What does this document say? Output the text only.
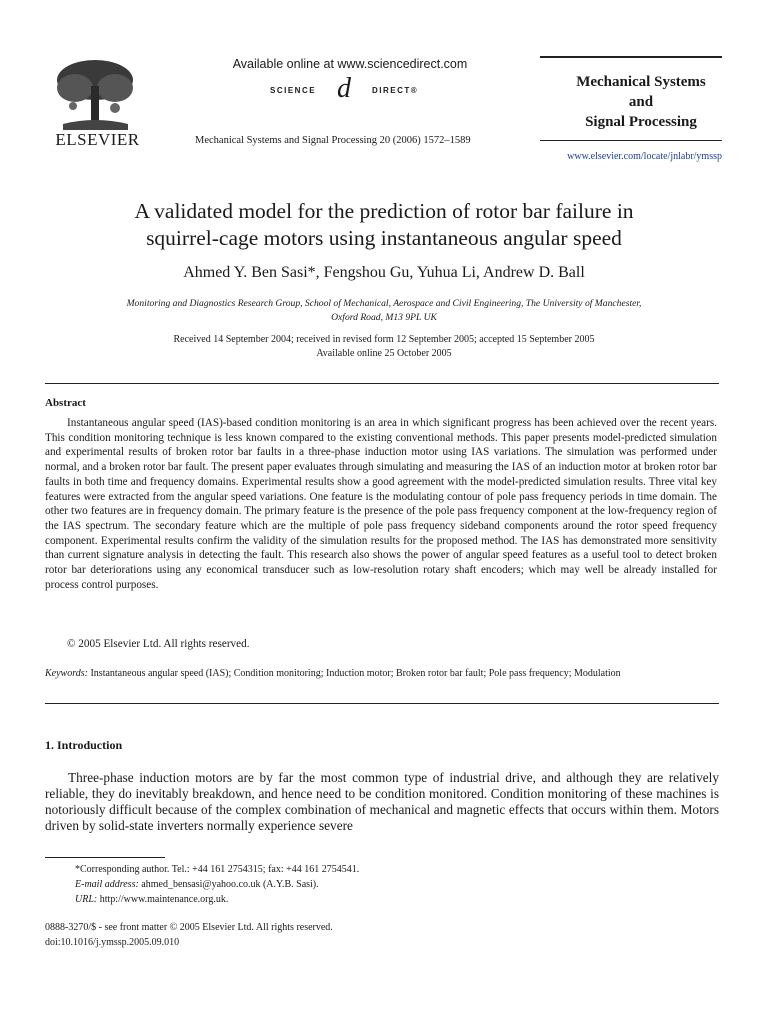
ELSEVIER
Available online at www.sciencedirect.com
SCIENCE d	DIRECT®
Mechanical Systems and Signal Processing 20 (2006) 1572–1589
Mechanical Systems
and
Signal Processing
www.elsevier.com/locate/jnlabr/ymssp
A validated model for the prediction of rotor bar failure in
squirrel-cage motors using instantaneous angular speed
Ahmed Y. Ben Sasi*, Fengshou Gu, Yuhua Li, Andrew D. Ball
Monitoring and Diagnostics Research Group, School of Mechanical, Aerospace and Civil Engineering, The University of Manchester,
Oxford Road, M13 9PL UK
Received 14 September 2004; received in revised form 12 September 2005; accepted 15 September 2005
Available online 25 October 2005
Abstract
Instantaneous angular speed (IAS)-based condition monitoring is an area in which significant progress has been achieved over the recent years. This condition monitoring technique is less known compared to the existing conventional methods. This paper presents model-predicted simulation and experimental results of broken rotor bar faults in a three-phase induction motor using IAS variations. The simulation was performed under normal, and a broken rotor bar fault. The present paper evaluates through simulating and measuring the IAS of an induction motor at broken rotor bar faults in both time and frequency domains. Experimental results show a good agreement with the model-predicted simulation results. Three vital key features were extracted from the angular speed variations. One feature is the modulating contour of pole pass frequency periods in time domain. The other two features are in frequency domain. The primary feature is the presence of the pole pass frequency component at the low-frequency region of the IAS spectrum. The secondary feature which are the multiple of pole pass frequency sideband components around the rotor speed frequency component. Experimental results confirm the validity of the simulation results for the proposed method. The IAS has demonstrated more sensitivity than current signature analysis in detecting the fault. This research also shows the power of angular speed features as a useful tool to detect broken rotor bar deteriorations using any economical transducer such as low-resolution rotary shaft encoders; which may well be already installed for process control purposes.
© 2005 Elsevier Ltd. All rights reserved.
Keywords: Instantaneous angular speed (IAS); Condition monitoring; Induction motor; Broken rotor bar fault; Pole pass frequency; Modulation
1. Introduction
Three-phase induction motors are by far the most common type of industrial drive, and although they are relatively reliable, they do inevitably breakdown, and hence need to be condition monitored. Condition monitoring of these machines is notoriously difficult because of the complex combination of mechanical and magnetic effects that occurs within them. Motors driven by solid-state inverters normally experience severe
*Corresponding author. Tel.: +44 161 2754315; fax: +44 161 2754541.
E-mail address: ahmed_bensasi@yahoo.co.uk (A.Y.B. Sasi).
URL: http://www.maintenance.org.uk.
0888-3270/$ - see front matter © 2005 Elsevier Ltd. All rights reserved.
doi:10.1016/j.ymssp.2005.09.010
